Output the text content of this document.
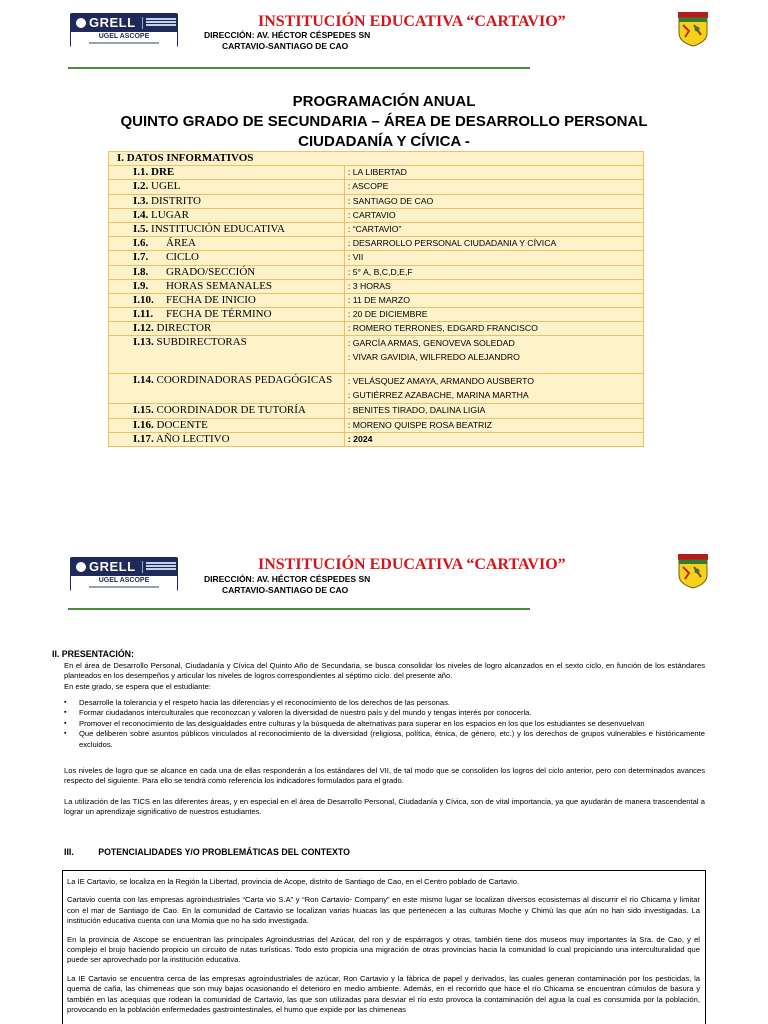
GRELL
UGEL ASCOPE
INSTITUCIÓN EDUCATIVA “CARTAVIO”
DIRECCIÓN: AV. HÉCTOR CÉSPEDES SN
CARTAVIO-SANTIAGO DE CAO
PROGRAMACIÓN ANUAL
QUINTO GRADO DE SECUNDARIA – ÁREA DE DESARROLLO PERSONAL
CIUDADANÍA Y CÍVICA -
I. DATOS INFORMATIVOS	
I.1. DRE	: LA LIBERTAD
I.2. UGEL	: ASCOPE
I.3. DISTRITO	: SANTIAGO DE CAO
I.4. LUGAR	: CARTAVIO
I.5. INSTITUCIÓN EDUCATIVA	: “CARTAVIO”
I.6. ÁREA	: DESARROLLO PERSONAL CIUDADANIA Y CÍVICA
I.7. CICLO	: VII
I.8. GRADO/SECCIÓN	: 5° A, B,C,D,E,F
I.9. HORAS SEMANALES	: 3 HORAS
I.10. FECHA DE INICIO	: 11 DE MARZO
I.11. FECHA DE TÉRMINO	: 20 DE DICIEMBRE
I.12. DIRECTOR	: ROMERO TERRONES, EDGARD FRANCISCO
I.13. SUBDIRECTORAS	: GARCÍA ARMAS, GENOVEVA SOLEDAD
: VIVAR GAVIDIA, WILFREDO ALEJANDRO

I.14. COORDINADORAS PEDAGÓGICAS	: VELÁSQUEZ AMAYA, ARMANDO AUSBERTO
: GUTIÉRREZ AZABACHE, MARINA MARTHA

I.15. COORDINADOR DE TUTORÍA	: BENITES TIRADO, DALINA LIGIA
I.16. DOCENTE	: MORENO QUISPE ROSA BEATRIZ
I.17. AÑO LECTIVO	: 2024
GRELL
UGEL ASCOPE
INSTITUCIÓN EDUCATIVA “CARTAVIO”
DIRECCIÓN: AV. HÉCTOR CÉSPEDES SN
CARTAVIO-SANTIAGO DE CAO
II. PRESENTACIÓN:

En el área de Desarrollo Personal, Ciudadanía y Cívica del Quinto Año de Secundaria, se busca consolidar los niveles de logro alcanzados en el sexto ciclo, en función de los estándares planteados en los desempeños y articular los niveles de logros correspondientes al séptimo ciclo. del presente año.

En este grado, se espera que el estudiante:

▪ Desarrolle la tolerancia y el respeto hacia las diferencias y el reconocimiento de los derechos de las personas.
▪ Formar ciudadanos interculturales que reconozcan y valoren la diversidad de nuestro país y del mundo y tengas interés por conocerla.
▪ Promover el reconocimiento de las desigualdades entre culturas y la búsqueda de alternativas para superar en los espacios en los que los estudiantes se desenvuelvan
▪ Que deliberen sobre asuntos públicos vinculados al reconocimiento de la diversidad (religiosa, política, étnica, de género, etc.) y los derechos de grupos vulnerables e históricamente excluidos.
Los niveles de logro que se alcance en cada una de ellas responderán a los estándares del VII, de tal modo que se consoliden los logros del ciclo anterior, pero con determinados avances respecto del siguiente. Para ello se tendrá como referencia los indicadores formulados para el grado.
La utilización de las TICS en las diferentes áreas, y en especial en el área de Desarrollo Personal, Ciudadanía y Cívica, son de vital importancia, ya que ayudarán de manera trascendental a lograr un aprendizaje significativo de nuestros estudiantes.
III.          POTENCIALIDADES Y/O PROBLEMÁTICAS DEL CONTEXTO

La IE Cartavio, se localiza en la Región la Libertad, provincia de Acope, distrito de Santiago de Cao, en el Centro poblado de Cartavio.

Cartavio cuenta con las empresas agroindustriales “Carta vio S.A” y “Ron Cartavio- Company” en este mismo lugar se localizan diversos ecosistemas al discurrir el río Chicama y limitar con el mar de Santiago de Cao. En la comunidad de Cartavio se localizan varias huacas las que pertenecen a las culturas Moche y Chimú las que aún no han sido investigadas. La institución educativa cuenta con una Momia que no ha sido investigada.

En la provincia de Ascope se encuentran las principales Agroindustrias del Azúcar, del ron y de espárragos y otras, también tiene dos museos muy importantes la Sra. de Cao, y el complejo el brujo haciendo propicio un circuito de rutas turísticas. Todo esto propicia una migración de otras provincias hacia la comunidad lo cual propiciando una interculturalidad que puede ser aprovechado por la institución educativa.

La IE Cartavio se encuentra cerca de las empresas agroindustriales de azúcar, Ron Cartavio y la fábrica de papel y derivados, las cuales generan contaminación por los pesticidas, la quema de caña, las chimeneas que son muy bajas ocasionando el deterioro en medio ambiente. Además, en el recorrido que hace el río Chicama se encuentran cúmulos de basura y también en las acequias que rodean la comunidad de Cartavio, las que son utilizadas para desviar el río esto provoca la contaminación del agua la cual es consumida por la población, provocando en la población enfermedades gastrointestinales, el humo que expide por las chimeneas
